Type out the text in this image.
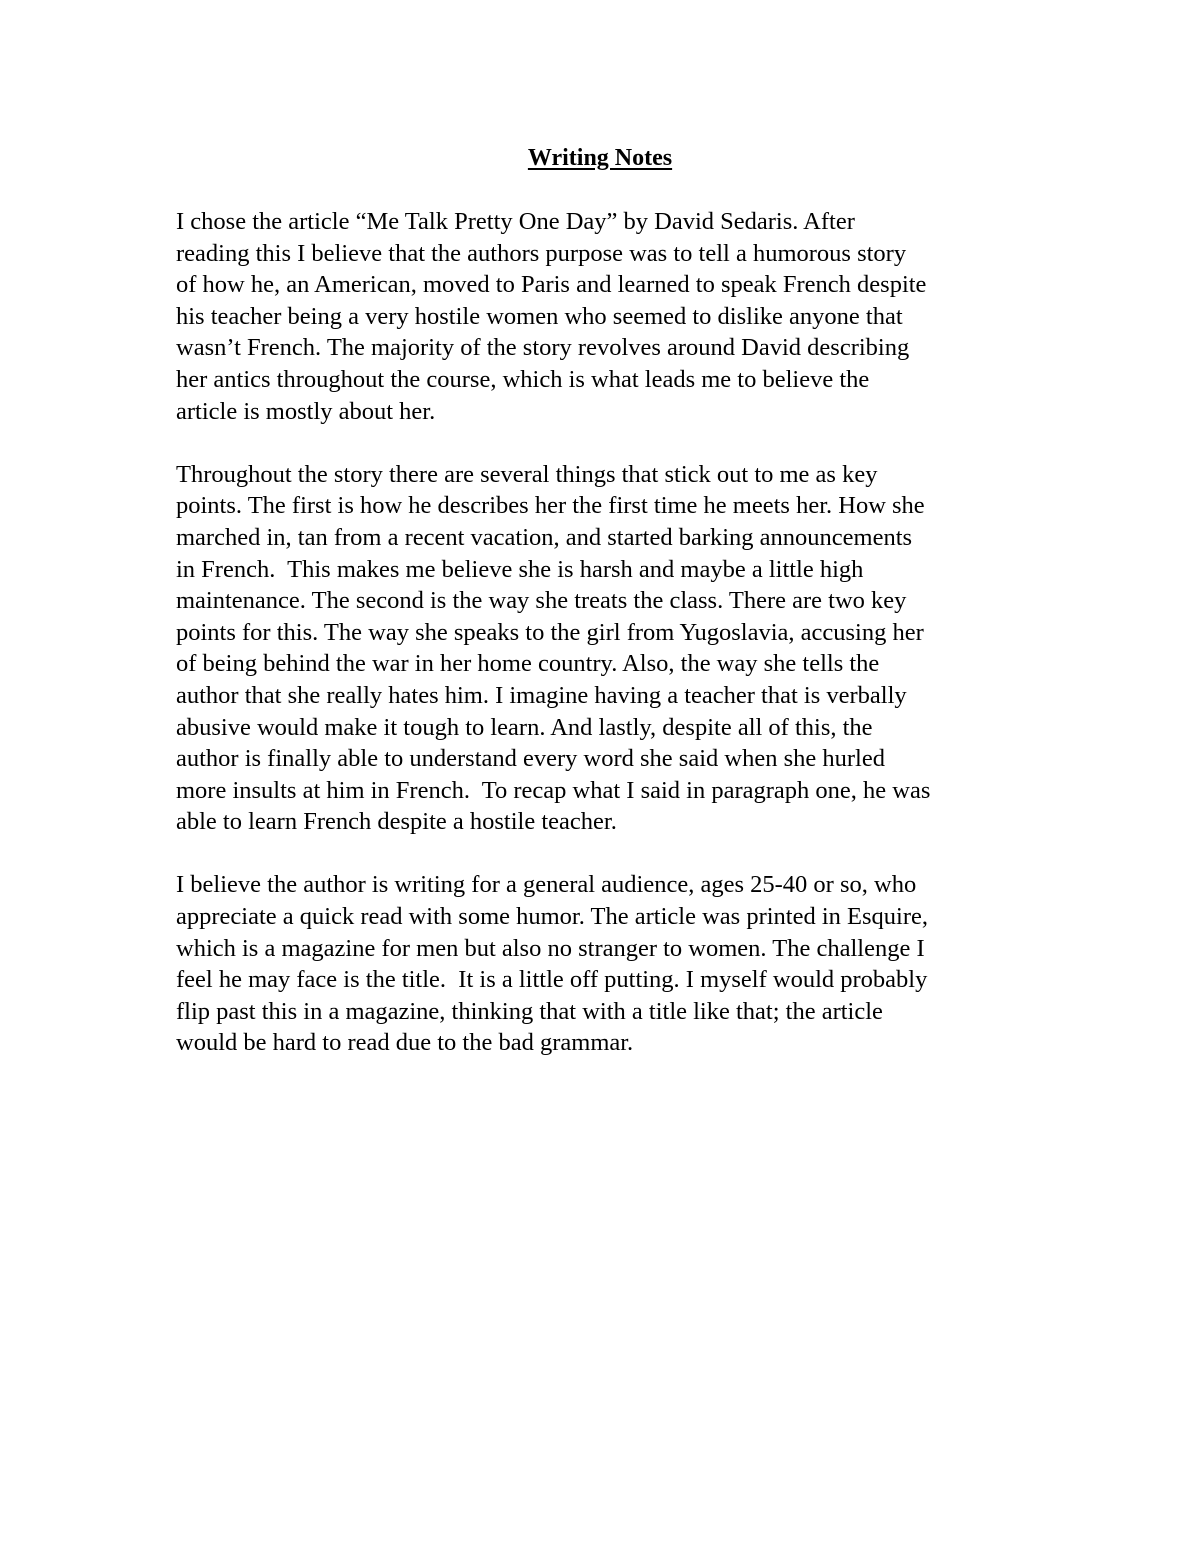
Writing Notes
I chose the article “Me Talk Pretty One Day” by David Sedaris. After
reading this I believe that the authors purpose was to tell a humorous story
of how he, an American, moved to Paris and learned to speak French despite
his teacher being a very hostile women who seemed to dislike anyone that
wasn’t French. The majority of the story revolves around David describing
her antics throughout the course, which is what leads me to believe the
article is mostly about her.
Throughout the story there are several things that stick out to me as key
points. The first is how he describes her the first time he meets her. How she
marched in, tan from a recent vacation, and started barking announcements
in French.  This makes me believe she is harsh and maybe a little high
maintenance. The second is the way she treats the class. There are two key
points for this. The way she speaks to the girl from Yugoslavia, accusing her
of being behind the war in her home country. Also, the way she tells the
author that she really hates him. I imagine having a teacher that is verbally
abusive would make it tough to learn. And lastly, despite all of this, the
author is finally able to understand every word she said when she hurled
more insults at him in French.  To recap what I said in paragraph one, he was
able to learn French despite a hostile teacher.
I believe the author is writing for a general audience, ages 25-40 or so, who
appreciate a quick read with some humor. The article was printed in Esquire,
which is a magazine for men but also no stranger to women. The challenge I
feel he may face is the title.  It is a little off putting. I myself would probably
flip past this in a magazine, thinking that with a title like that; the article
would be hard to read due to the bad grammar.
